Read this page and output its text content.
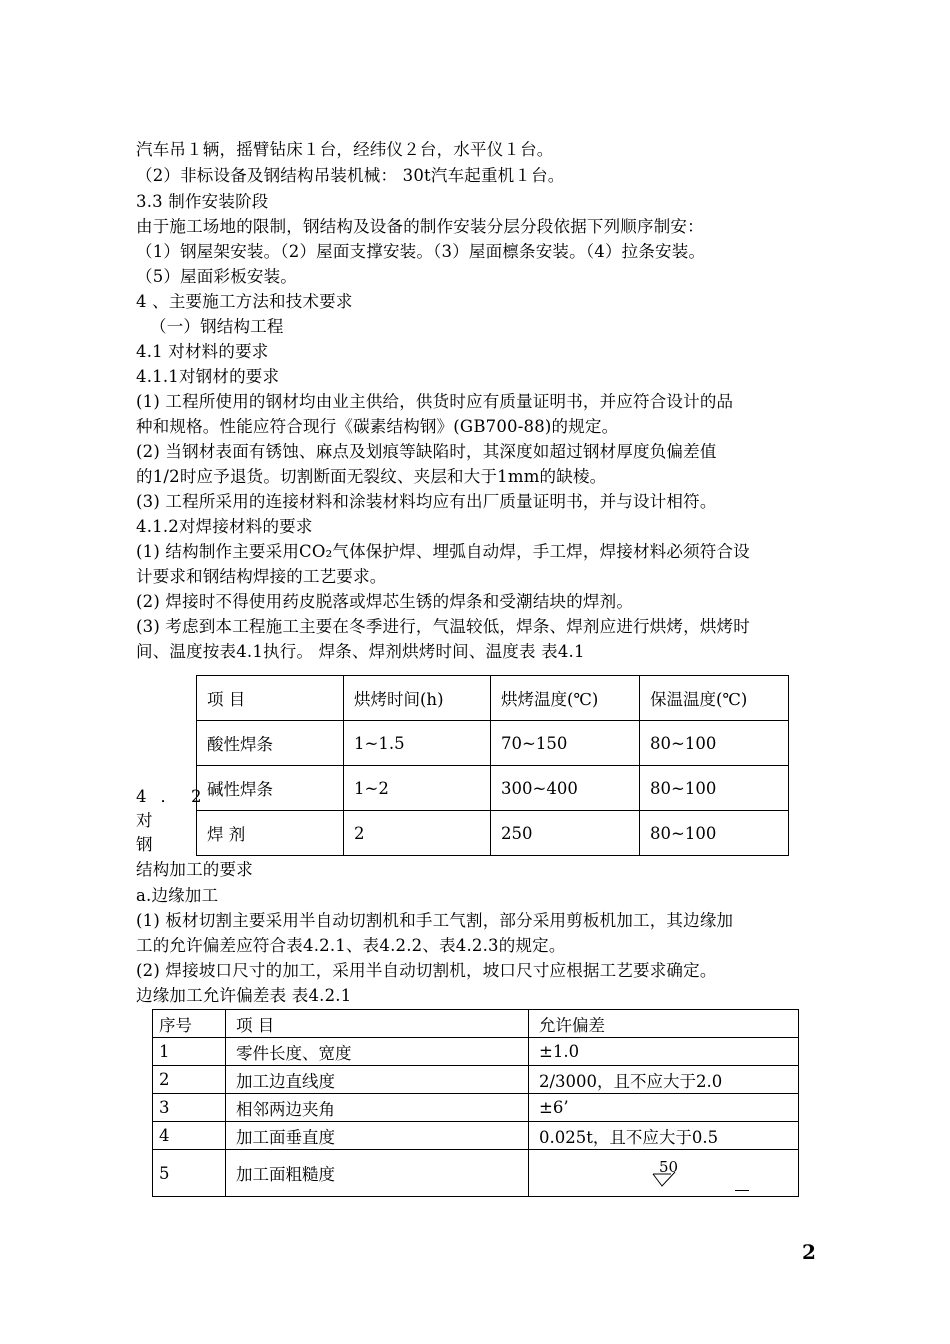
汽车吊１辆，摇臂钻床１台，经纬仪２台，水平仪１台。
（2）非标设备及钢结构吊装机械： 30t汽车起重机１台。
3.3 制作安装阶段
由于施工场地的限制，钢结构及设备的制作安装分层分段依据下列顺序制安：
（1）钢屋架安装。（2）屋面支撑安装。（3）屋面檩条安装。（4）拉条安装。
（5）屋面彩板安装。
4 、主要施工方法和技术要求
（一）钢结构工程
4.1 对材料的要求
4.1.1对钢材的要求
(1) 工程所使用的钢材均由业主供给，供货时应有质量证明书，并应符合设计的品
种和规格。性能应符合现行《碳素结构钢》(GB700-88)的规定。
(2) 当钢材表面有锈蚀、麻点及划痕等缺陷时，其深度如超过钢材厚度负偏差值
的1/2时应予退货。切割断面无裂纹、夹层和大于1mm的缺棱。
(3) 工程所采用的连接材料和涂装材料均应有出厂质量证明书，并与设计相符。
4.1.2对焊接材料的要求
(1) 结构制作主要采用CO₂气体保护焊、埋弧自动焊，手工焊，焊接材料必须符合设
计要求和钢结构焊接的工艺要求。
(2) 焊接时不得使用药皮脱落或焊芯生锈的焊条和受潮结块的焊剂。
(3) 考虑到本工程施工主要在冬季进行，气温较低，焊条、焊剂应进行烘烤，烘烤时
间、温度按表4.1执行。 焊条、焊剂烘烤时间、温度表 表4.1
项 目	烘烤时间(h)	烘烤温度(℃)	保温温度(℃)
酸性焊条	1~1.5	70~150	80~100
碱性焊条	1~2	300~400	80~100
焊 剂	2	250	80~100
4．2
对
钢
结构加工的要求
a.边缘加工
(1) 板材切割主要采用半自动切割机和手工气割，部分采用剪板机加工，其边缘加
工的允许偏差应符合表4.2.1、表4.2.2、表4.2.3的规定。
(2) 焊接坡口尺寸的加工，采用半自动切割机，坡口尺寸应根据工艺要求确定。
边缘加工允许偏差表 表4.2.1
序号	项 目	允许偏差
1	零件长度、宽度	±1.0
2	加工边直线度	2/3000，且不应大于2.0
3	相邻两边夹角	±6’
4	加工面垂直度	0.025t，且不应大于0.5
5	加工面粗糙度	50
2
